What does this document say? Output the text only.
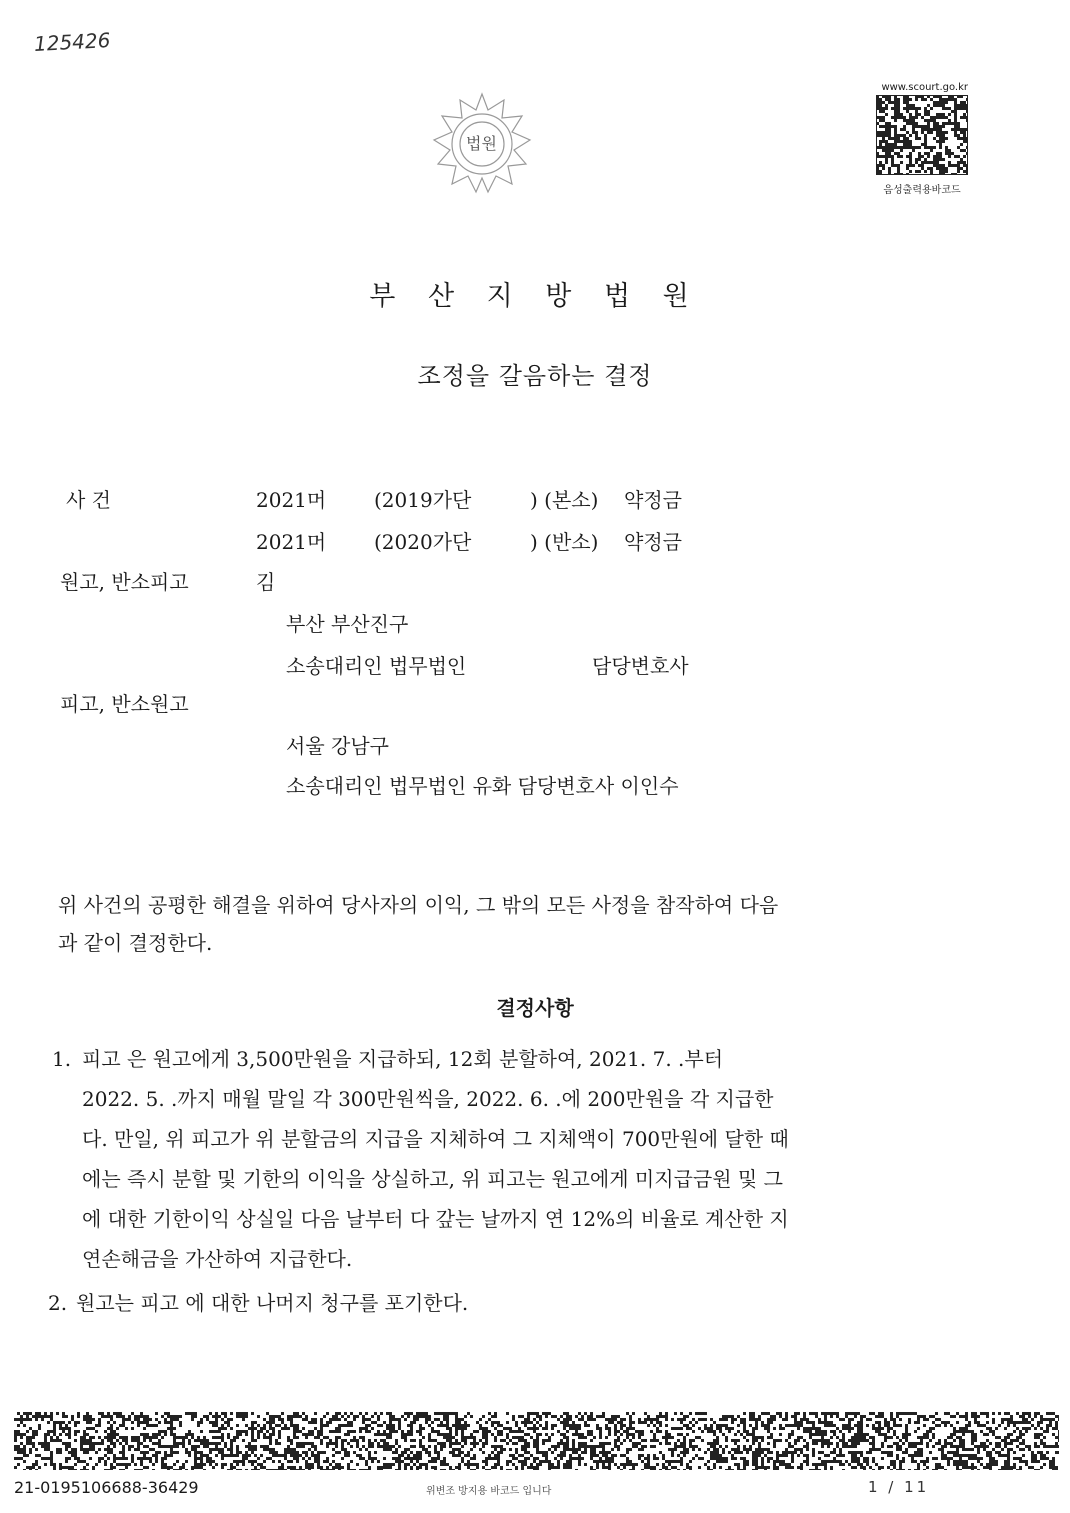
125426
법원
www.scourt.go.kr
음성출력용바코드
부 산 지 방 법 원
조정을 갈음하는 결정
사 건	2021머 (2019가단	) (본소) 약정금
2021머 (2020가단	) (반소) 약정금
원고, 반소피고	김
부산 부산진구
소송대리인 법무법인	담당변호사
피고, 반소원고
서울 강남구
소송대리인 법무법인 유화 담당변호사 이인수
위 사건의 공평한 해결을 위하여 당사자의 이익, 그 밖의 모든 사정을 참작하여 다음
과 같이 결정한다.
결정사항
1. 피고 은 원고에게 3,500만원을 지급하되, 12회 분할하여, 2021. 7. .부터
2022. 5. .까지 매월 말일 각 300만원씩을, 2022. 6. .에 200만원을 각 지급한
다. 만일, 위 피고가 위 분할금의 지급을 지체하여 그 지체액이 700만원에 달한 때
에는 즉시 분할 및 기한의 이익을 상실하고, 위 피고는 원고에게 미지급금원 및 그
에 대한 기한이익 상실일 다음 날부터 다 갚는 날까지 연 12%의 비율로 계산한 지
연손해금을 가산하여 지급한다.
2. 원고는 피고 에 대한 나머지 청구를 포기한다.
21-0195106688-36429	위변조 방지용 바코드 입니다	1 / 11
